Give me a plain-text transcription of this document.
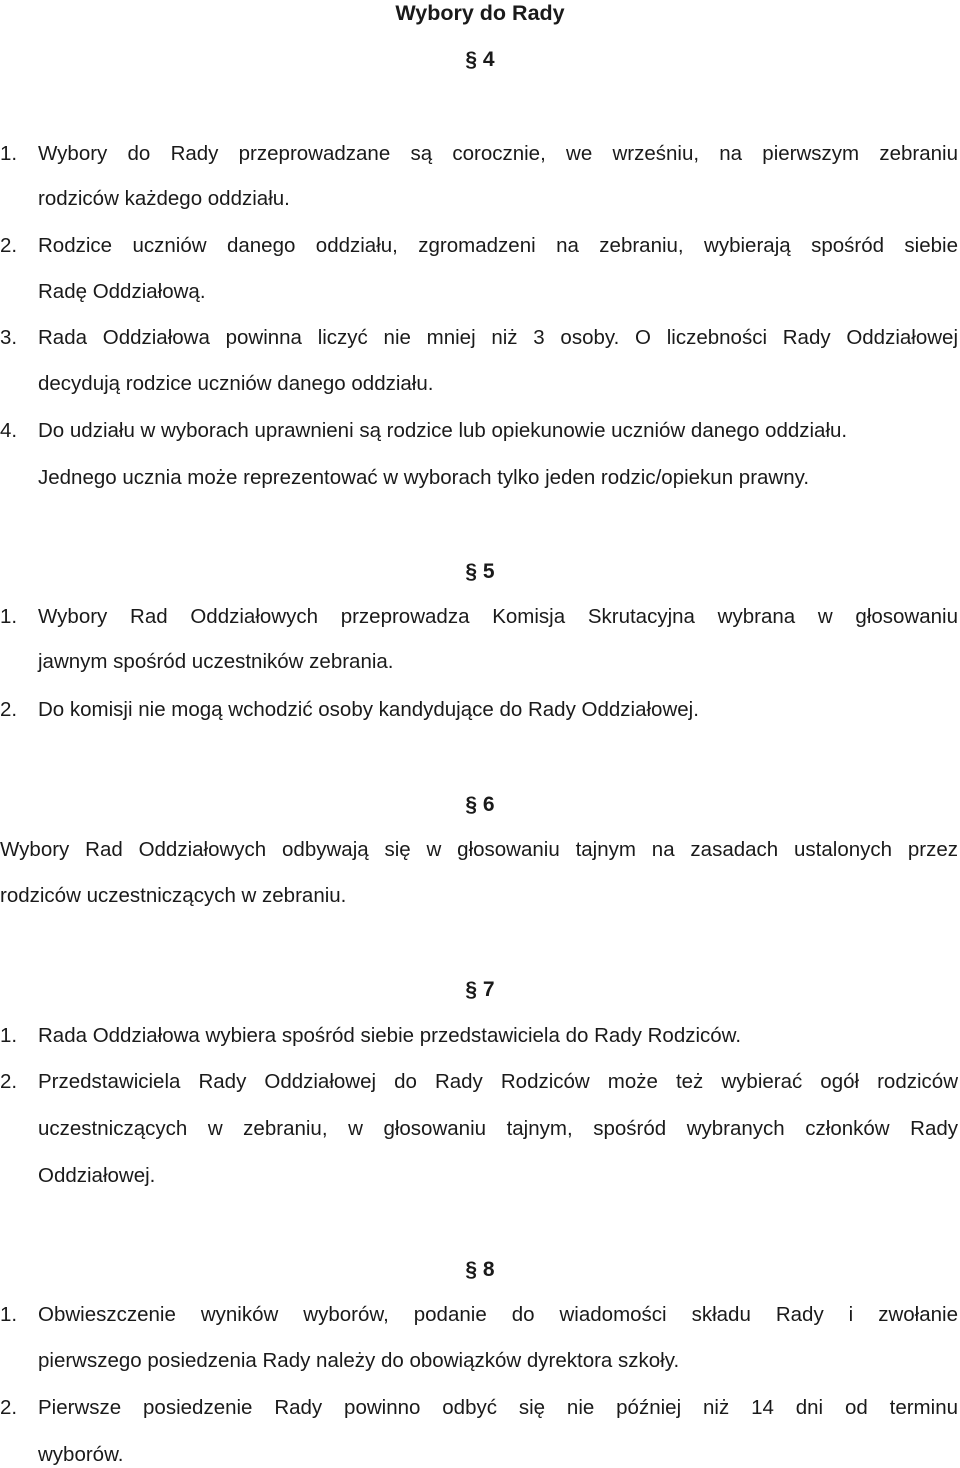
Wybory do Rady
§ 4
1. Wybory do Rady przeprowadzane są corocznie, we wrześniu, na pierwszym zebraniu
rodziców każdego oddziału.
2. Rodzice uczniów danego oddziału, zgromadzeni na zebraniu, wybierają spośród siebie
Radę Oddziałową.
3. Rada Oddziałowa powinna liczyć nie mniej niż 3 osoby. O liczebności Rady Oddziałowej
decydują rodzice uczniów danego oddziału.
4. Do udziału w wyborach uprawnieni są rodzice lub opiekunowie uczniów danego oddziału.
Jednego ucznia może reprezentować w wyborach tylko jeden rodzic/opiekun prawny.
§ 5
1. Wybory Rad Oddziałowych przeprowadza Komisja Skrutacyjna wybrana w głosowaniu
jawnym spośród uczestników zebrania.
2. Do komisji nie mogą wchodzić osoby kandydujące do Rady Oddziałowej.
§ 6
Wybory Rad Oddziałowych odbywają się w głosowaniu tajnym na zasadach ustalonych przez
rodziców uczestniczących w zebraniu.
§ 7
1. Rada Oddziałowa wybiera spośród siebie przedstawiciela do Rady Rodziców.
2. Przedstawiciela Rady Oddziałowej do Rady Rodziców może też wybierać ogół rodziców
uczestniczących w zebraniu, w głosowaniu tajnym, spośród wybranych członków Rady
Oddziałowej.
§ 8
1. Obwieszczenie wyników wyborów, podanie do wiadomości składu Rady i zwołanie
pierwszego posiedzenia Rady należy do obowiązków dyrektora szkoły.
2. Pierwsze posiedzenie Rady powinno odbyć się nie później niż 14 dni od terminu
wyborów.
